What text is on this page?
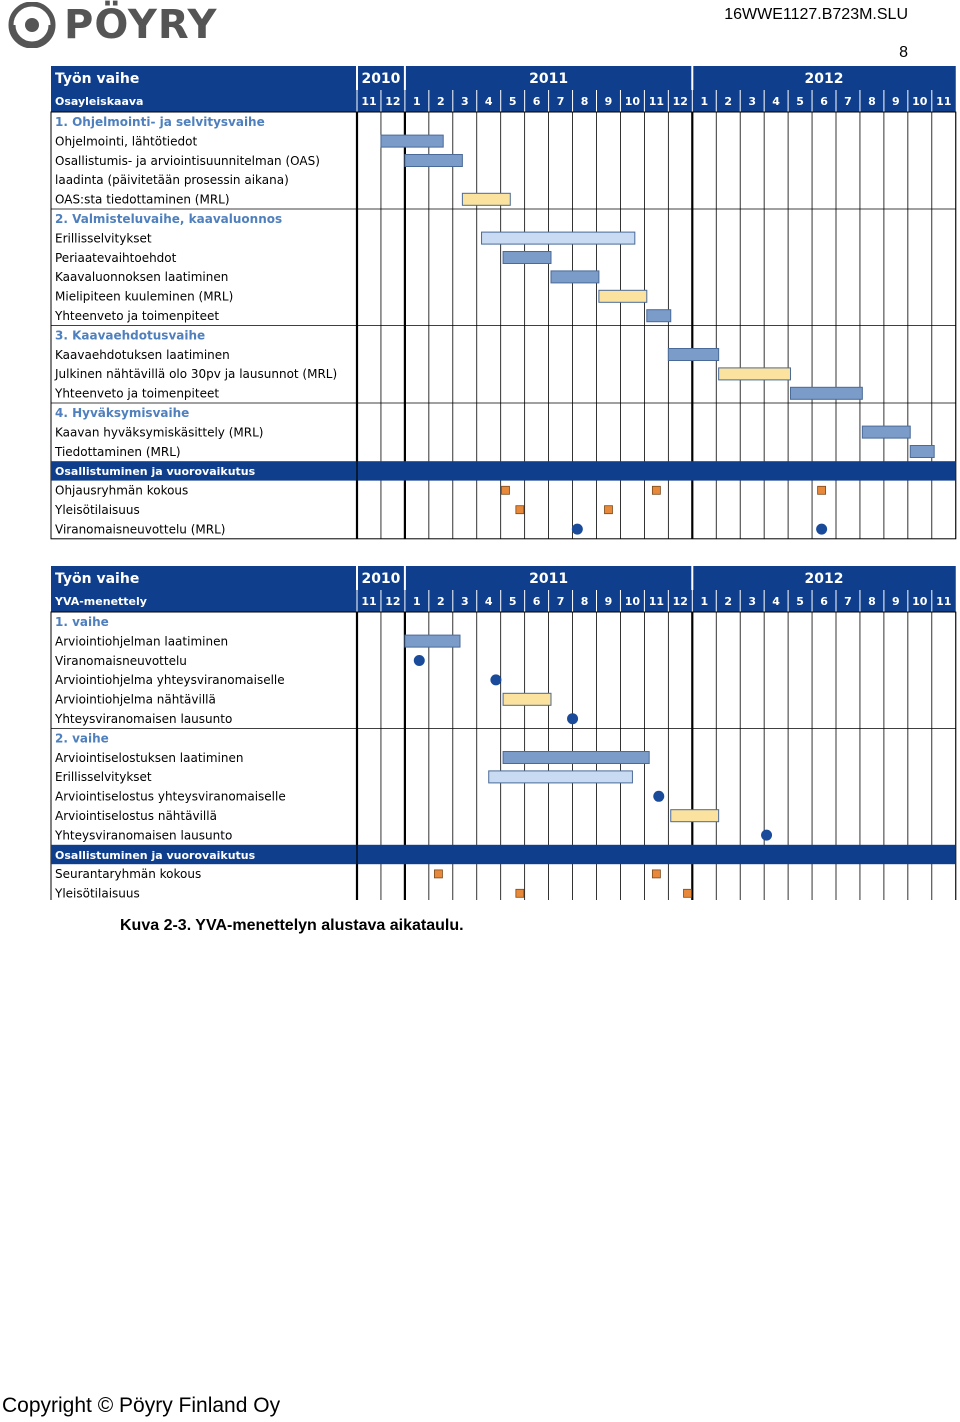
PÖYRY	16WWE1127.B723M.SLU
8
Työn vaihe	2010	2011	2012
Osayleiskaava	11 12 1 2 3 4 5 6 7 8 9 10 11 12 1 2 3 4 5 6 7 8 9 10 11
1. Ohjelmointi- ja selvitysvaihe
Ohjelmointi, lähtötiedot
Osallistumis- ja arviointisuunnitelman (OAS)
laadinta (päivitetään prosessin aikana)
OAS:sta tiedottaminen (MRL)
2. Valmisteluvaihe, kaavaluonnos
Erillisselvitykset
Periaatevaihtoehdot
Kaavaluonnoksen laatiminen
Mielipiteen kuuleminen (MRL)
Yhteenveto ja toimenpiteet
3. Kaavaehdotusvaihe
Kaavaehdotuksen laatiminen
Julkinen nähtävillä olo 30pv ja lausunnot (MRL)
Yhteenveto ja toimenpiteet
4. Hyväksymisvaihe
Kaavan hyväksymiskäsittely (MRL)
Tiedottaminen (MRL)
Osallistuminen ja vuorovaikutus
Ohjausryhmän kokous
Yleisötilaisuus
Viranomaisneuvottelu (MRL)
Työn vaihe	2010	2011	2012
YVA-menettely	11 12 1 2 3 4 5 6 7 8 9 10 11 12 1 2 3 4 5 6 7 8 9 10 11
1. vaihe
Arviointiohjelman laatiminen
Viranomaisneuvottelu
Arviointiohjelma yhteysviranomaiselle
Arviointiohjelma nähtävillä
Yhteysviranomaisen lausunto
2. vaihe
Arviointiselostuksen laatiminen
Erillisselvitykset
Arviointiselostus yhteysviranomaiselle
Arviointiselostus nähtävillä
Yhteysviranomaisen lausunto
Osallistuminen ja vuorovaikutus
Seurantaryhmän kokous
Yleisötilaisuus
Kuva 2-3. YVA-menettelyn alustava aikataulu.
Copyright © Pöyry Finland Oy
